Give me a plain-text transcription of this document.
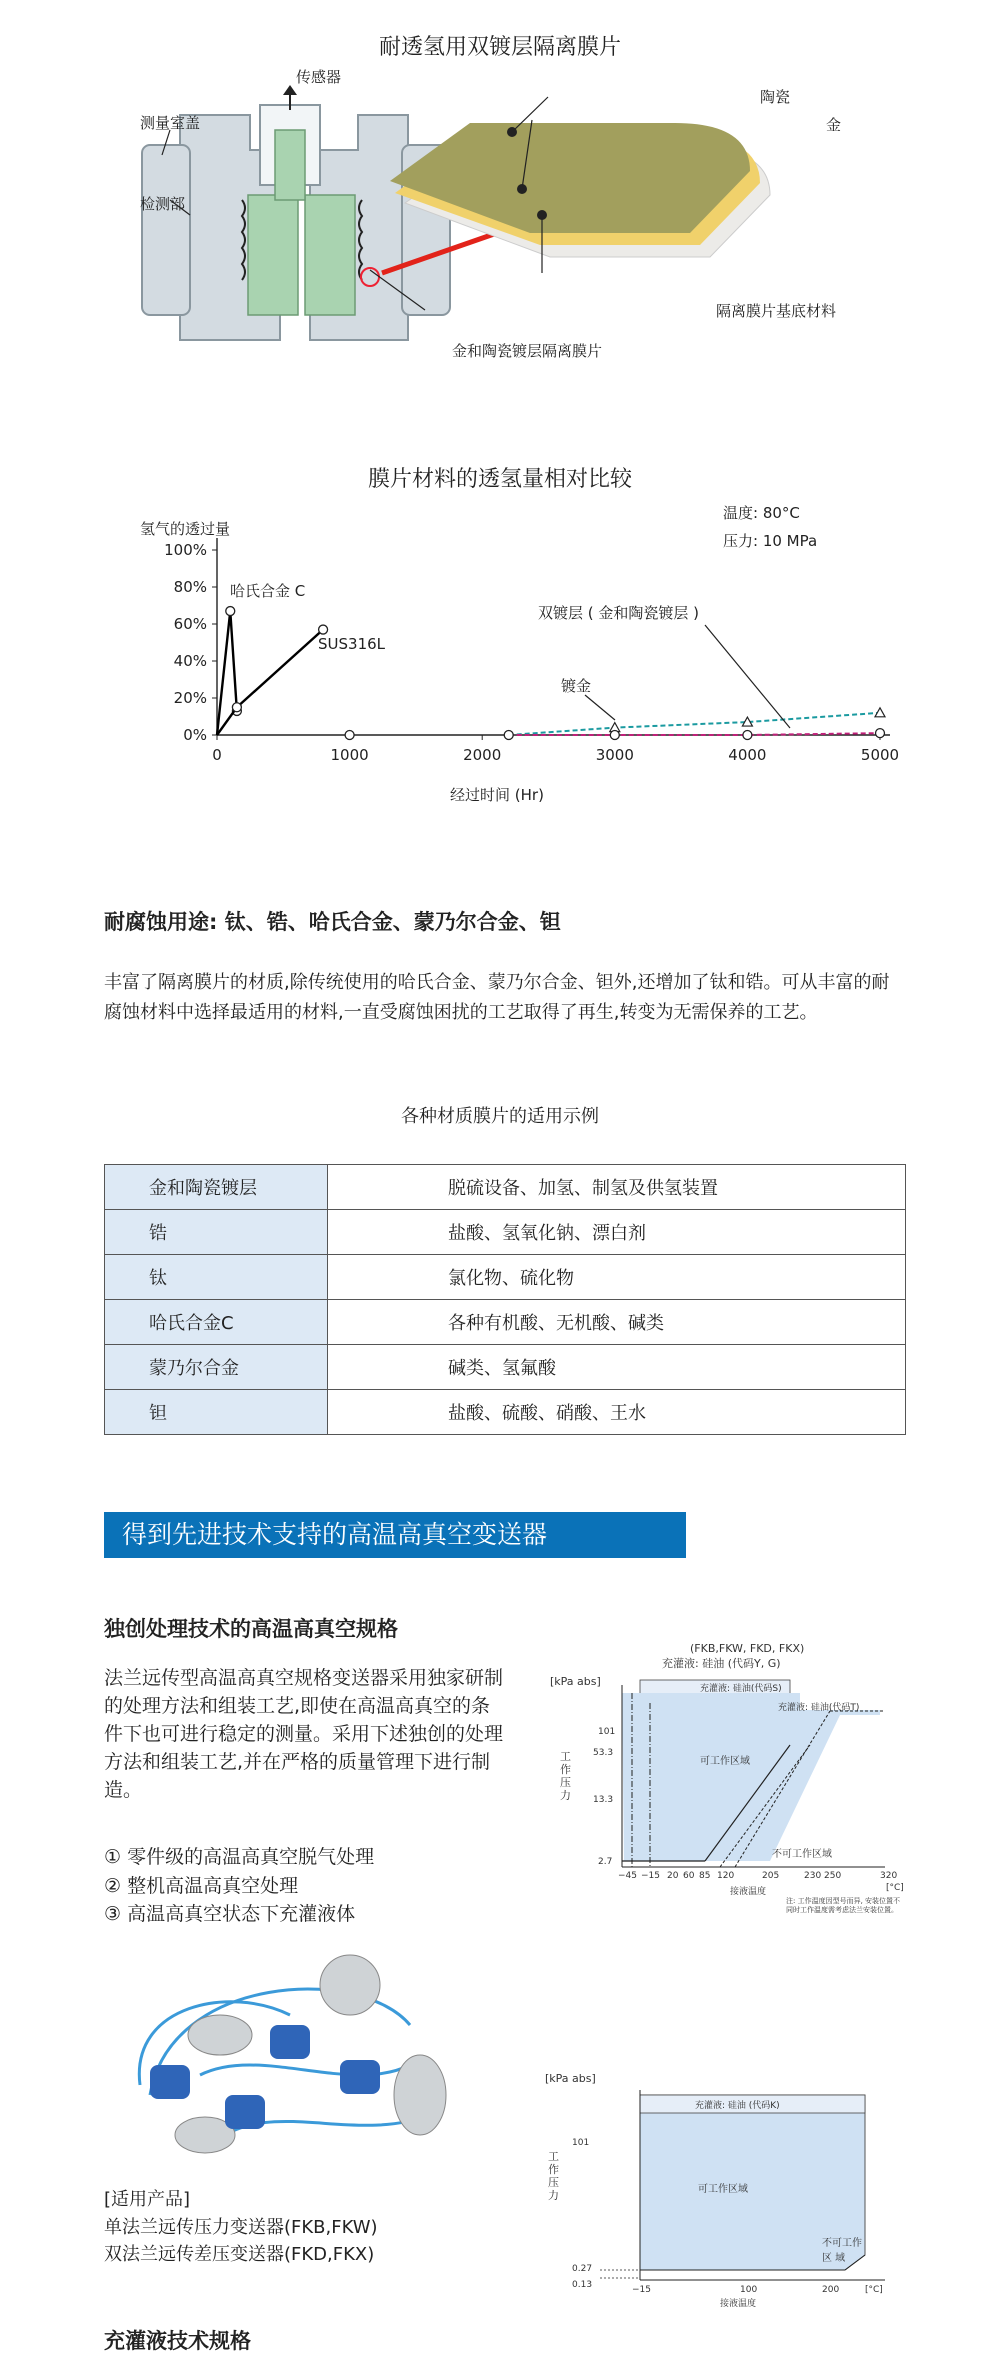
耐透氢用双镀层隔离膜片
传感器
测量室盖
检测部
金和陶瓷镀层隔离膜片
陶瓷
金
隔离膜片基底材料
膜片材料的透氢量相对比较
氢气的透过量
温度: 80°C
压力: 10 MPa
哈氏合金 C
SUS316L
双镀层 ( 金和陶瓷镀层 )
镀金
经过时间 (Hr)
0	1000	2000	3000	4000	5000
0%
20%
40%
60%
80%
100%
耐腐蚀用途: 钛、锆、哈氏合金、蒙乃尔合金、钽
丰富了隔离膜片的材质,除传统使用的哈氏合金、蒙乃尔合金、钽外,还增加了钛和锆。可从丰富的耐腐蚀材料中选择最适用的材料,一直受腐蚀困扰的工艺取得了再生,转变为无需保养的工艺。
各种材质膜片的适用示例
金和陶瓷镀层	脱硫设备、加氢、制氢及供氢装置
锆	盐酸、氢氧化钠、漂白剂
钛	氯化物、硫化物
哈氏合金C	各种有机酸、无机酸、碱类
蒙乃尔合金	碱类、氢氟酸
钽	盐酸、硫酸、硝酸、王水
得到先进技术支持的高温高真空变送器
独创处理技术的高温高真空规格
法兰远传型高温高真空规格变送器采用独家研制的处理方法和组装工艺,即使在高温高真空的条件下也可进行稳定的测量。采用下述独创的处理方法和组装工艺,并在严格的质量管理下进行制造。
① 零件级的高温高真空脱气处理
② 整机高温高真空处理
③ 高温高真空状态下充灌液体
[适用产品]
单法兰远传压力变送器(FKB,FKW)
双法兰远传差压变送器(FKD,FKX)
充灌液技术规格
(FKB,FKW, FKD, FKX)
充灌液: 硅油 (代码Y, G)
充灌液: 硅油(代码S)
充灌液: 硅油(代码T)
[kPa abs]
工作压力
101
53.3
13.3
2.7
−45 −15 20 60 85 120	205	230 250	320
[°C]
接液温度
可工作区域
不可工作区域
注: 工作温度因型号而异, 安装位置不同时工作温度需考虑法兰安装位置。
[kPa abs]
工作压力
充灌液: 硅油 (代码K)
101
0.27
0.13	−15	100	200	[°C]
接液温度
可工作区域
不可工作
区 域
